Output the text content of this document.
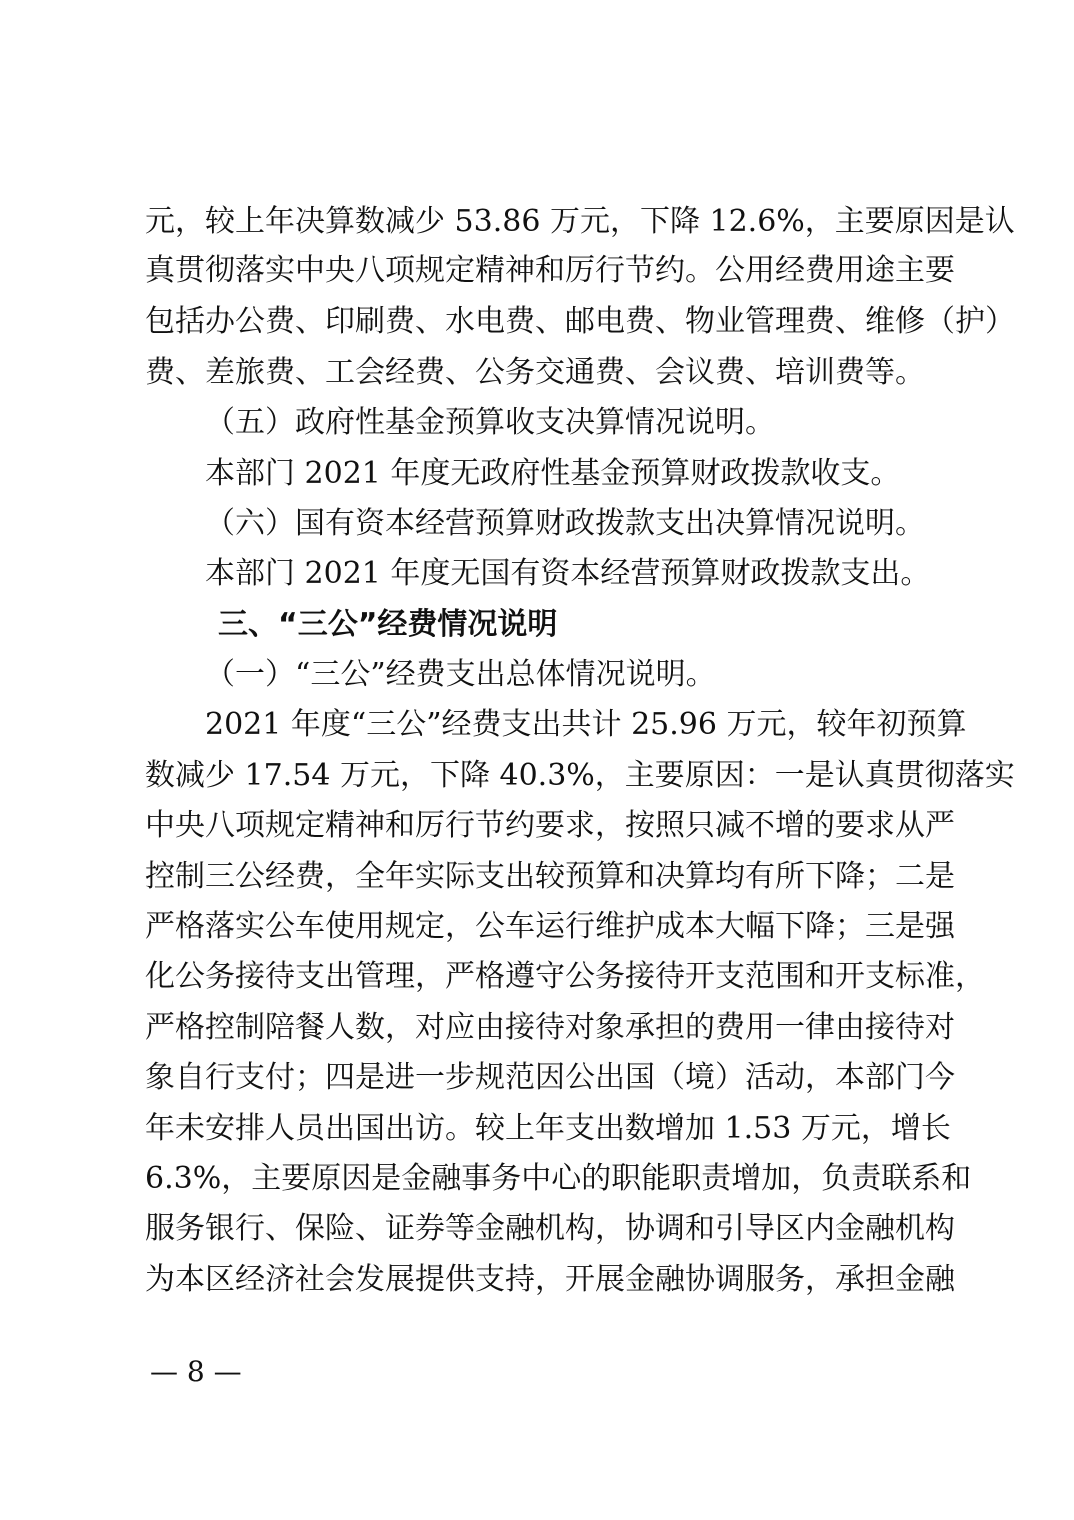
元，较上年决算数减少 53.86 万元，下降 12.6%，主要原因是认
真贯彻落实中央八项规定精神和厉行节约。公用经费用途主要
包括办公费、印刷费、水电费、邮电费、物业管理费、维修（护）
费、差旅费、工会经费、公务交通费、会议费、培训费等。
（五）政府性基金预算收支决算情况说明。
本部门 2021 年度无政府性基金预算财政拨款收支。
（六）国有资本经营预算财政拨款支出决算情况说明。
本部门 2021 年度无国有资本经营预算财政拨款支出。
三、“三公”经费情况说明
（一）“三公”经费支出总体情况说明。
2021 年度“三公”经费支出共计 25.96 万元，较年初预算
数减少 17.54 万元，下降 40.3%，主要原因：一是认真贯彻落实
中央八项规定精神和厉行节约要求，按照只减不增的要求从严
控制三公经费，全年实际支出较预算和决算均有所下降；二是
严格落实公车使用规定，公车运行维护成本大幅下降；三是强
化公务接待支出管理，严格遵守公务接待开支范围和开支标准，
严格控制陪餐人数，对应由接待对象承担的费用一律由接待对
象自行支付；四是进一步规范因公出国（境）活动，本部门今
年未安排人员出国出访。较上年支出数增加 1.53 万元，增长
6.3%，主要原因是金融事务中心的职能职责增加，负责联系和
服务银行、保险、证券等金融机构，协调和引导区内金融机构
为本区经济社会发展提供支持，开展金融协调服务，承担金融
— 8 —
